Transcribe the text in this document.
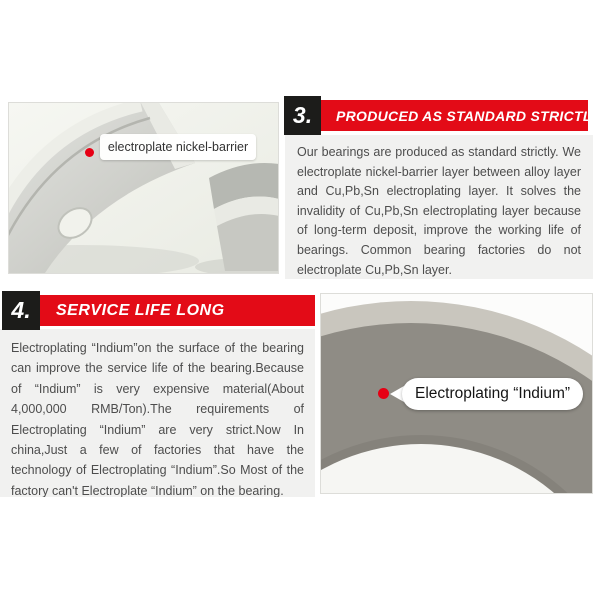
electroplate nickel-barrier
3. PRODUCED AS STANDARD STRICTLY
Our bearings are produced as standard strictly. We electroplate nickel-barrier layer between alloy layer and Cu,Pb,Sn electroplating layer. It solves the invalidity of Cu,Pb,Sn electroplating layer because of long-term deposit, improve the working life of bearings. Common bearing factories do not electroplate Cu,Pb,Sn layer.
4. SERVICE LIFE LONG
Electroplating “Indium”on the surface of the bearing can improve the service life of the bearing.Because of “Indium” is very expensive material(About 4,000,000 RMB/Ton).The requirements of Electroplating “Indium” are very strict.Now In china,Just a few of factories that have the technology of Electroplating “Indium”.So Most of the factory can't Electroplate “Indium” on the bearing.
Electroplating “Indium”
